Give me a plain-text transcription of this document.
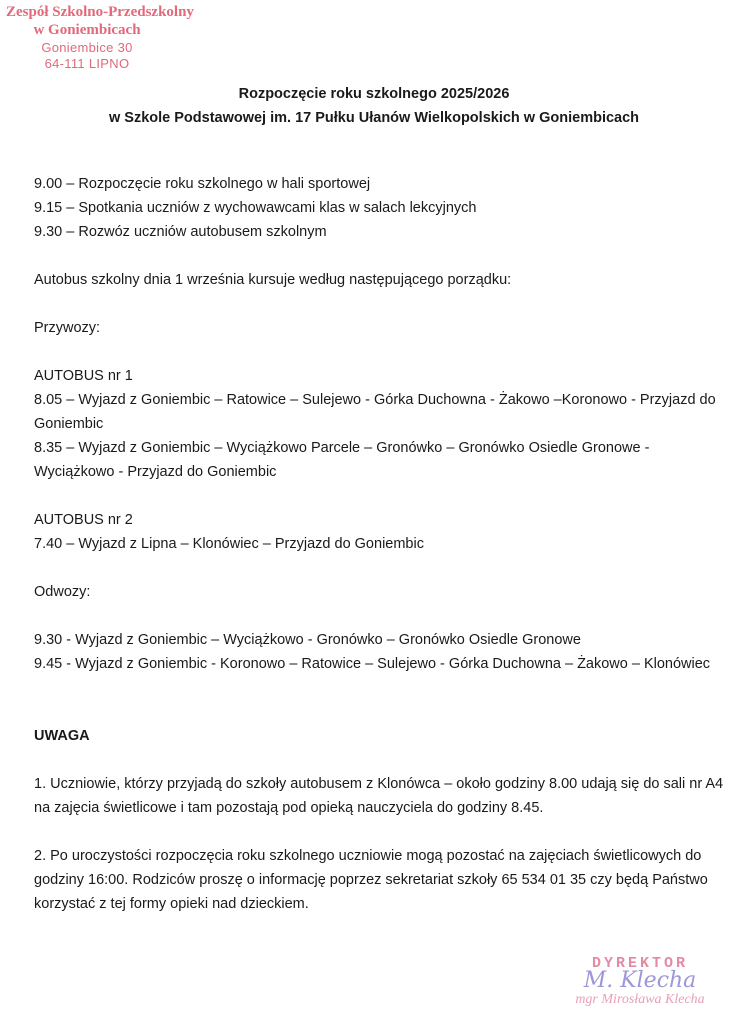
Zespół Szkolno-Przedszkolny
w Goniembicach
Goniembice 30
64-111 LIPNO
Rozpoczęcie roku szkolnego 2025/2026
w Szkole Podstawowej im. 17 Pułku Ułanów Wielkopolskich w Goniembicach

9.00 – Rozpoczęcie roku szkolnego w hali sportowej

9.15 – Spotkania uczniów z wychowawcami klas w salach lekcyjnych

9.30 – Rozwóz uczniów autobusem szkolnym

Autobus szkolny dnia 1 września kursuje według następującego porządku:

Przywozy:

AUTOBUS nr 1

8.05 – Wyjazd z Goniembic – Ratowice – Sulejewo - Górka Duchowna - Żakowo –Koronowo - Przyjazd do Goniembic

8.35 – Wyjazd z Goniembic – Wyciążkowo Parcele – Gronówko – Gronówko Osiedle Gronowe - Wyciążkowo - Przyjazd do Goniembic

AUTOBUS nr 2

7.40 – Wyjazd z Lipna – Klonówiec – Przyjazd do Goniembic

Odwozy:

9.30 - Wyjazd z Goniembic – Wyciążkowo - Gronówko – Gronówko Osiedle Gronowe

9.45 - Wyjazd z Goniembic - Koronowo – Ratowice – Sulejewo - Górka Duchowna – Żakowo – Klonówiec

UWAGA

1. Uczniowie, którzy przyjadą do szkoły autobusem z Klonówca – około godziny 8.00 udają się do sali nr A4 na zajęcia świetlicowe i tam pozostają pod opieką nauczyciela do godziny 8.45.

2. Po uroczystości rozpoczęcia roku szkolnego uczniowie mogą pozostać na zajęciach świetlicowych do godziny 16:00. Rodziców proszę o informację poprzez sekretariat szkoły 65 534 01 35 czy będą Państwo korzystać z tej formy opieki nad dzieckiem.

DYREKTOR
M. Klecha
mgr Mirosława Klecha
